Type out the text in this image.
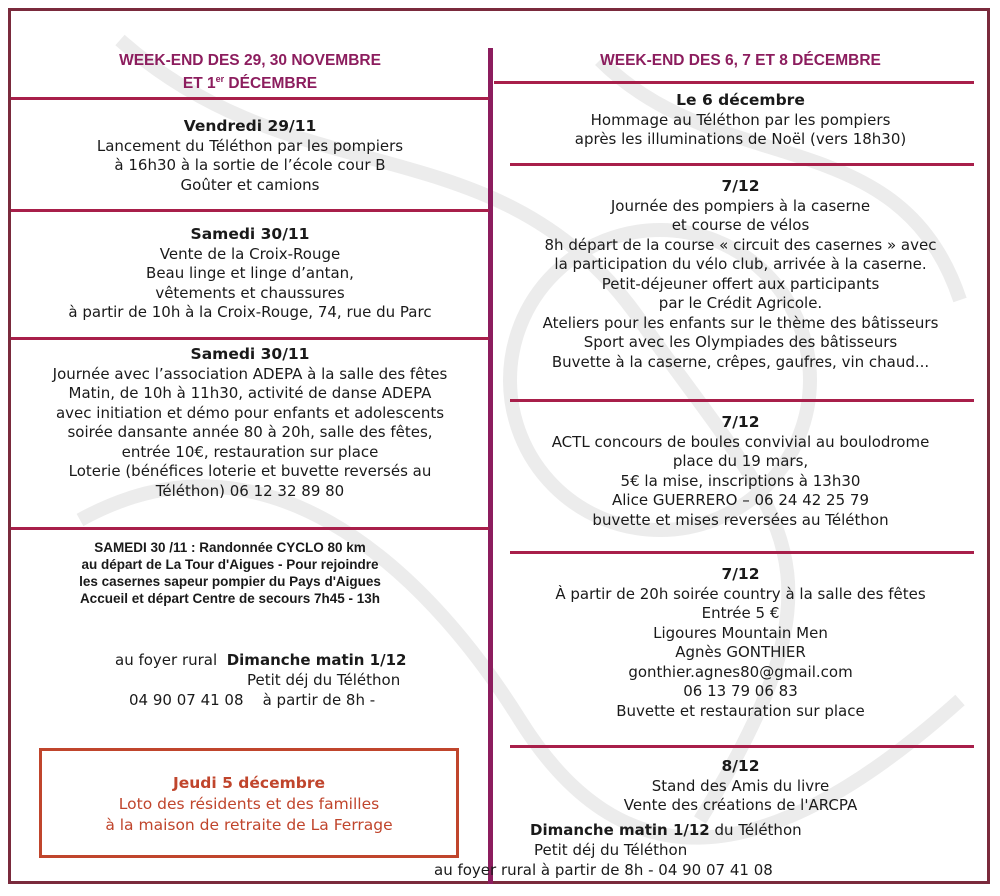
WEEK-END DES 29, 30 NOVEMBRE
ET 1er DÉCEMBRE
Vendredi 29/11
Lancement du Téléthon par les pompiers
à 16h30 à la sortie de l’école cour B
Goûter et camions
Samedi 30/11
Vente de la Croix-Rouge
Beau linge et linge d’antan,
vêtements et chaussures
à partir de 10h à la Croix-Rouge, 74, rue du Parc
Samedi 30/11
Journée avec l’association ADEPA à la salle des fêtes
Matin, de 10h à 11h30, activité de danse ADEPA
avec initiation et démo pour enfants et adolescents
soirée dansante année 80 à 20h, salle des fêtes,
entrée 10€, restauration sur place
Loterie (bénéfices loterie et buvette reversés au
Téléthon) 06 12 32 89 80
SAMEDI 30 /11 : Randonnée CYCLO 80 km
au départ de La Tour d'Aigues - Pour rejoindre
les casernes sapeur pompier du Pays d'Aigues
Accueil et départ Centre de secours 7h45 - 13h
au foyer rural Dimanche matin 1/12
Petit déj du Téléthon
04 90 07 41 08 à partir de 8h -
Jeudi 5 décembre
Loto des résidents et des familles
à la maison de retraite de La Ferrage
WEEK-END DES 6, 7 ET 8 DÉCEMBRE
Le 6 décembre
Hommage au Téléthon par les pompiers
après les illuminations de Noël (vers 18h30)
7/12
Journée des pompiers à la caserne
et course de vélos
8h départ de la course « circuit des casernes » avec
la participation du vélo club, arrivée à la caserne.
Petit-déjeuner offert aux participants
par le Crédit Agricole.
Ateliers pour les enfants sur le thème des bâtisseurs
Sport avec les Olympiades des bâtisseurs
Buvette à la caserne, crêpes, gaufres, vin chaud...
7/12
ACTL concours de boules convivial au boulodrome
place du 19 mars,
5€ la mise, inscriptions à 13h30
Alice GUERRERO – 06 24 42 25 79
buvette et mises reversées au Téléthon
7/12
À partir de 20h soirée country à la salle des fêtes
Entrée 5 €
Ligoures Mountain Men
Agnès GONTHIER
gonthier.agnes80@gmail.com
06 13 79 06 83
Buvette et restauration sur place
8/12
Stand des Amis du livre
Vente des créations de l'ARCPA
Dimanche matin 1/12 du Téléthon
Petit déj du Téléthon
au foyer rural à partir de 8h - 04 90 07 41 08
